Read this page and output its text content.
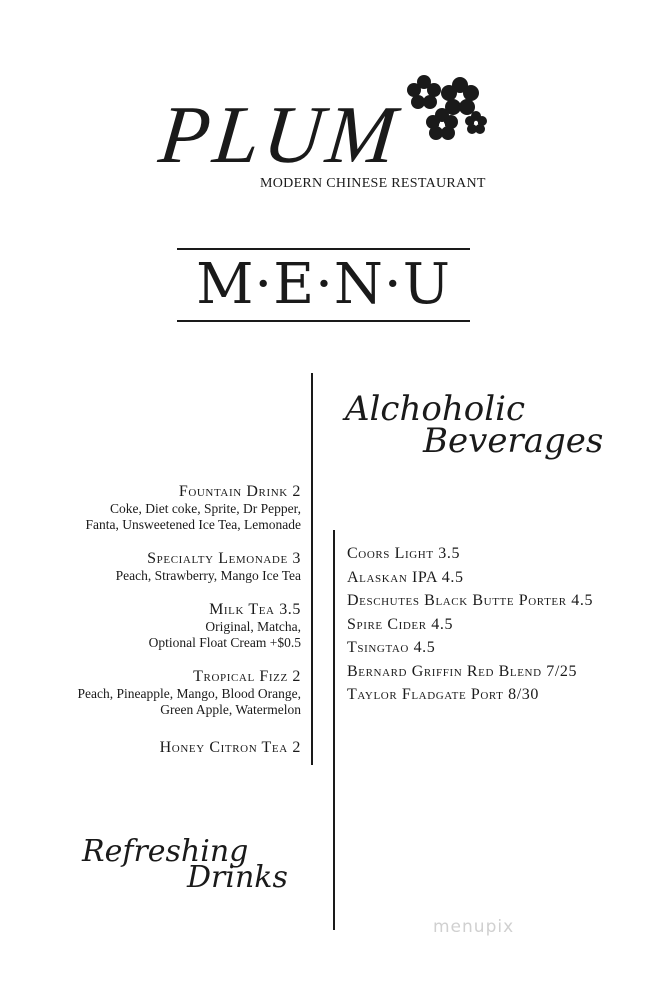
PLUM
MODERN CHINESE RESTAURANT
M·E·N·U
Alchoholic
Beverages
Fountain Drink 2
Coke, Diet coke, Sprite, Dr Pepper,
Fanta, Unsweetened Ice Tea, Lemonade
Specialty Lemonade 3
Peach, Strawberry, Mango Ice Tea
Milk Tea 3.5
Original, Matcha,
Optional Float Cream +$0.5
Tropical Fizz 2
Peach, Pineapple, Mango, Blood Orange,
Green Apple, Watermelon
Honey Citron Tea 2
Coors Light 3.5
Alaskan IPA 4.5
Deschutes Black Butte Porter 4.5
Spire Cider 4.5
Tsingtao 4.5
Bernard Griffin Red Blend 7/25
Taylor Fladgate Port 8/30
Refreshing
Drinks
menupix
